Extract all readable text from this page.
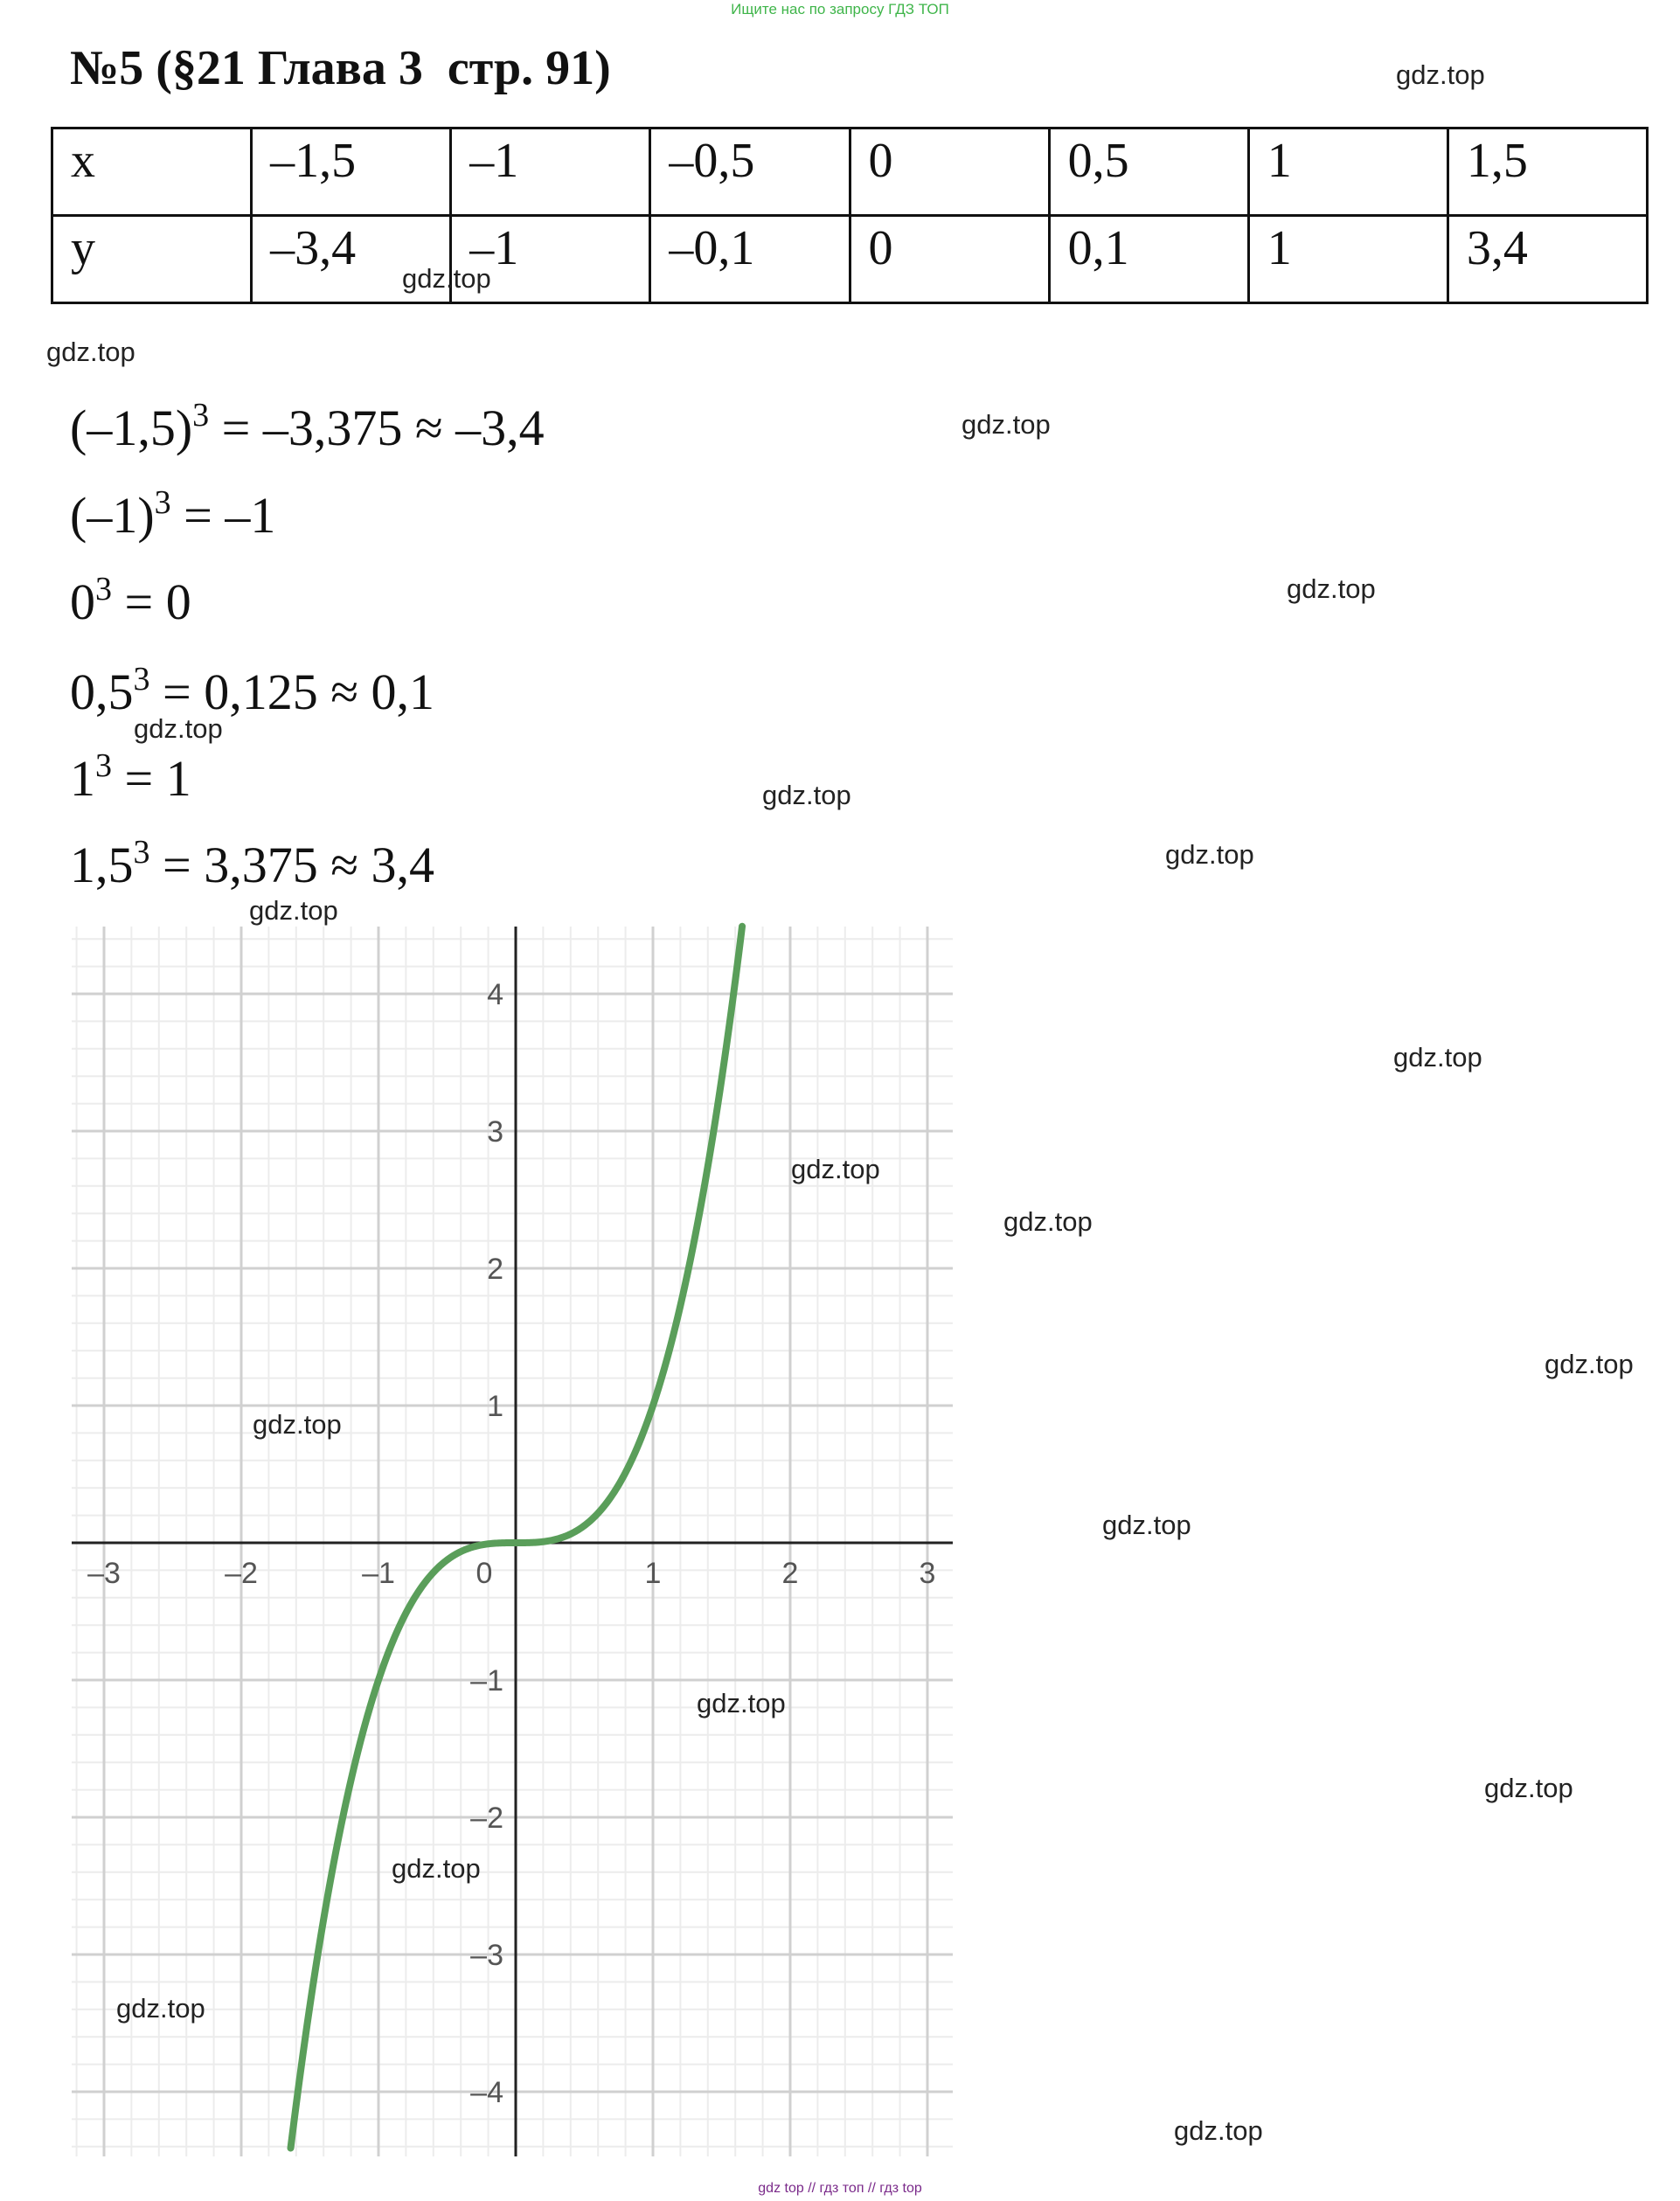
Ищите нас по запросу ГДЗ ТОП
№5 (§21 Глава 3  стр. 91)	gdz.top
x	–1,5	–1	–0,5	0	0,5	1	1,5
y	–3,4	–1	–0,1	0	0,1	1	3,4
gdz.top
gdz.top
$(-1,5)^3 = -3,375 \approx -3,4$
$(-1)^3 = -1$
$0^3 = 0$
$0,5^3 = 0,125 \approx 0,1$
$1^3 = 1$
$1,5^3 = 3,375 \approx 3,4$
gdz.top
gdz.top
gdz.top
gdz.top
gdz.top
gdz.top
–3	–2	–1	0	1	2	3
–4
–3
–2
–1
1
2
3
4
gdz.top
gdz.top
gdz.top
gdz.top
gdz.top
gdz.top
gdz.top
gdz.top
gdz.top
gdz.top
gdz.top
gdz top // гдз топ // гдз top
